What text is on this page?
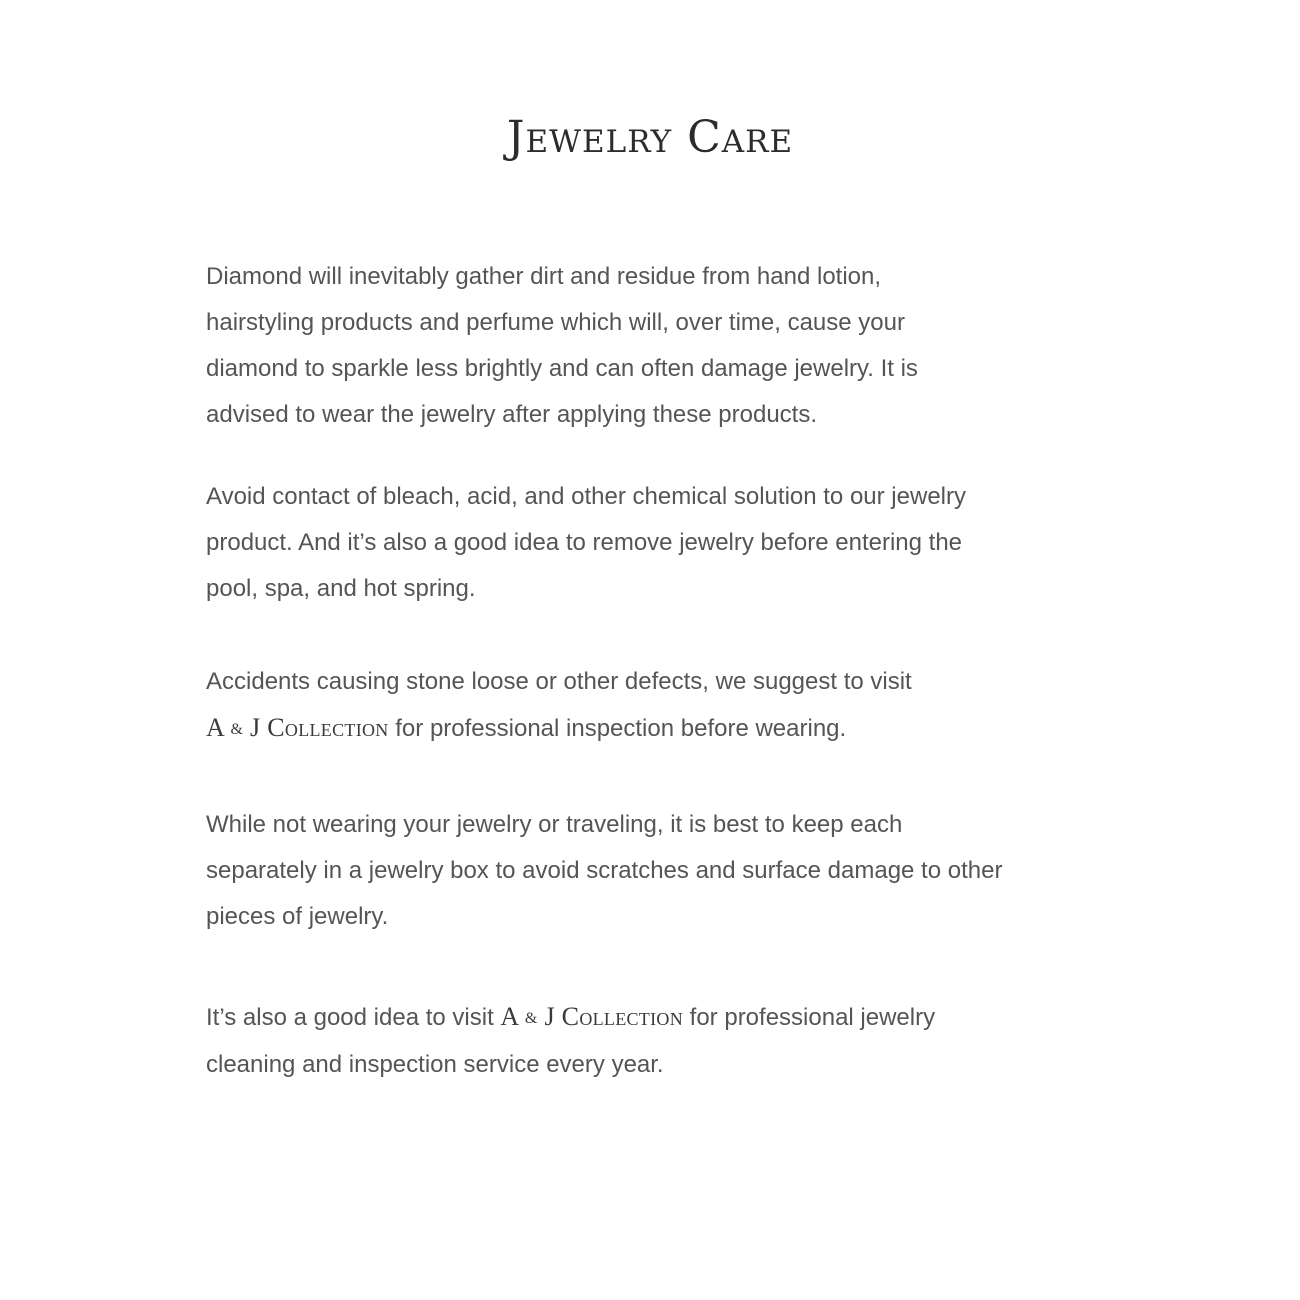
Jewelry Care

Diamond will inevitably gather dirt and residue from hand lotion,
hairstyling products and perfume which will, over time, cause your
diamond to sparkle less brightly and can often damage jewelry. It is
advised to wear the jewelry after applying these products.

Avoid contact of bleach, acid, and other chemical solution to our jewelry
product. And it’s also a good idea to remove jewelry before entering the
pool, spa, and hot spring.

Accidents causing stone loose or other defects, we suggest to visit
A & J Collection for professional inspection before wearing.

While not wearing your jewelry or traveling, it is best to keep each
separately in a jewelry box to avoid scratches and surface damage to other
pieces of jewelry.

It’s also a good idea to visit A & J Collection for professional jewelry
cleaning and inspection service every year.
